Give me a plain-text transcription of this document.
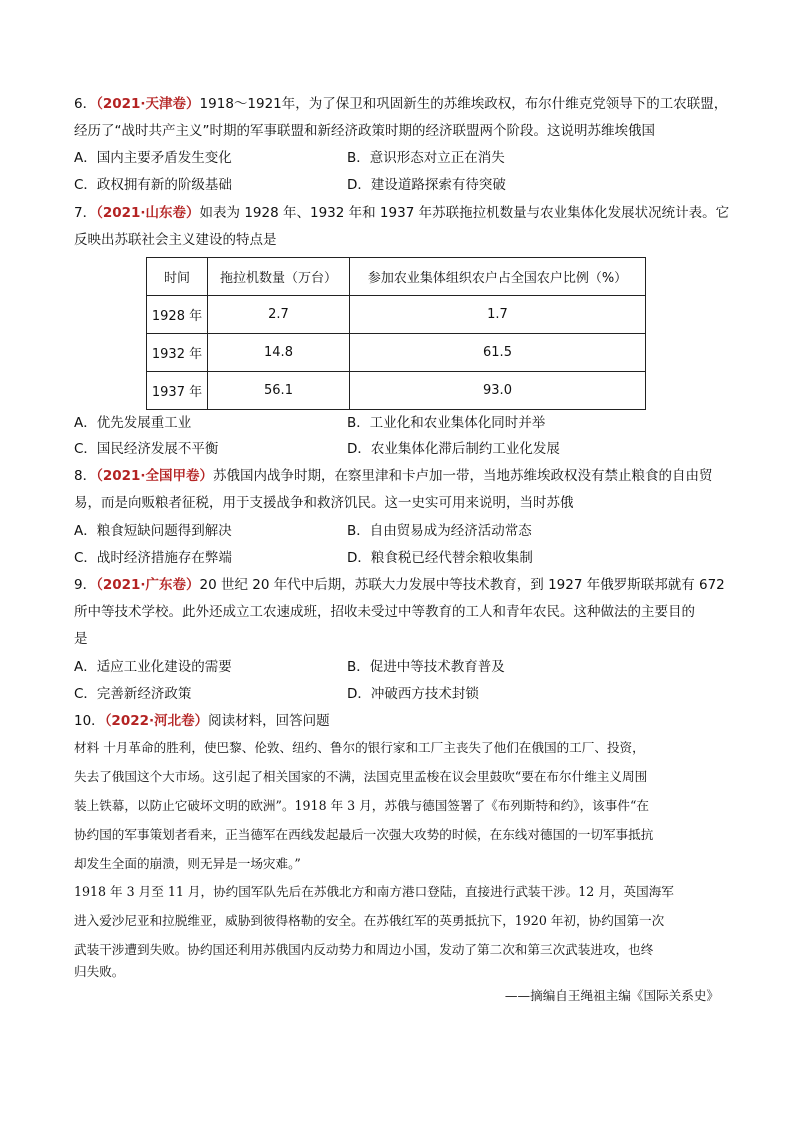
6．（2021·天津卷）1918～1921年，为了保卫和巩固新生的苏维埃政权，布尔什维克党领导下的工农联盟，
经历了“战时共产主义”时期的军事联盟和新经济政策时期的经济联盟两个阶段。这说明苏维埃俄国
A．国内主要矛盾发生变化	B．意识形态对立正在消失
C．政权拥有新的阶级基础	D．建设道路探索有待突破
7．（2021·山东卷）如表为 1928 年、1932 年和 1937 年苏联拖拉机数量与农业集体化发展状况统计表。它
反映出苏联社会主义建设的特点是
时间	拖拉机数量（万台）	参加农业集体组织农户占全国农户比例（%）
1928 年	2.7	1.7
1932 年	14.8	61.5
1937 年	56.1	93.0
A．优先发展重工业	B．工业化和农业集体化同时并举
C．国民经济发展不平衡	D．农业集体化滞后制约工业化发展
8．（2021·全国甲卷）苏俄国内战争时期，在察里津和卡卢加一带，当地苏维埃政权没有禁止粮食的自由贸
易，而是向贩粮者征税，用于支援战争和救济饥民。这一史实可用来说明，当时苏俄
A．粮食短缺问题得到解决	B．自由贸易成为经济活动常态
C．战时经济措施存在弊端	D．粮食税已经代替余粮收集制
9．（2021·广东卷）20 世纪 20 年代中后期，苏联大力发展中等技术教育，到 1927 年俄罗斯联邦就有 672
所中等技术学校。此外还成立工农速成班，招收未受过中等教育的工人和青年农民。这种做法的主要目的
是
A．适应工业化建设的需要	B．促进中等技术教育普及
C．完善新经济政策	D．冲破西方技术封锁
10．（2022·河北卷）阅读材料，回答问题
材料 十月革命的胜利，使巴黎、伦敦、纽约、鲁尔的银行家和工厂主丧失了他们在俄国的工厂、投资，
失去了俄国这个大市场。这引起了相关国家的不满，法国克里孟梭在议会里鼓吹“要在布尔什维主义周围
装上铁幕，以防止它破坏文明的欧洲”。1918 年 3 月，苏俄与德国签署了《布列斯特和约》，该事件“在
协约国的军事策划者看来，正当德军在西线发起最后一次强大攻势的时候，在东线对德国的一切军事抵抗
却发生全面的崩溃，则无异是一场灾难。”
1918 年 3 月至 11 月，协约国军队先后在苏俄北方和南方港口登陆，直接进行武装干涉。12 月，英国海军
进入爱沙尼亚和拉脱维亚，威胁到彼得格勒的安全。在苏俄红军的英勇抵抗下，1920 年初，协约国第一次
武装干涉遭到失败。协约国还利用苏俄国内反动势力和周边小国，发动了第二次和第三次武装进攻，也终
归失败。
——摘编自王绳祖主编《国际关系史》
